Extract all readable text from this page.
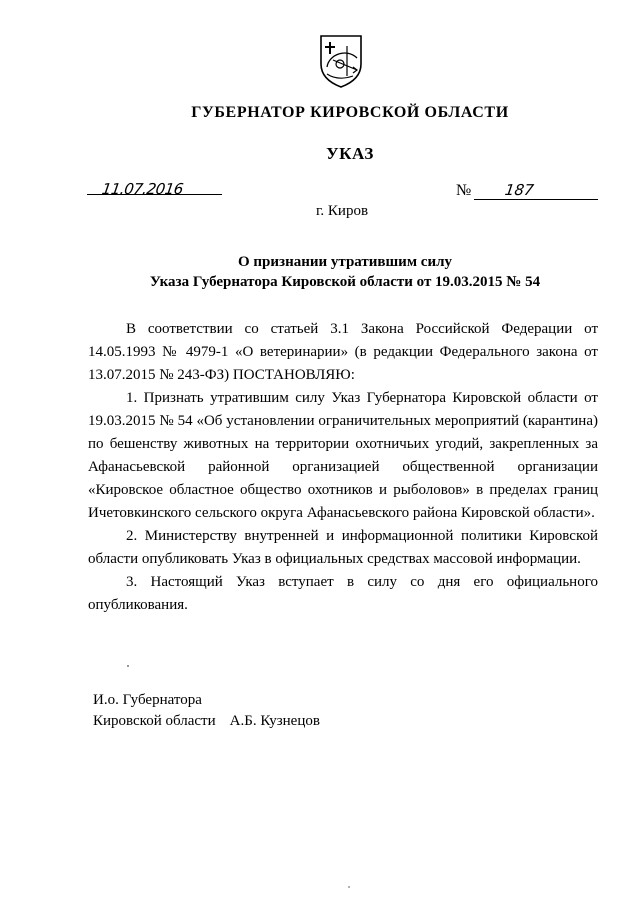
ГУБЕРНАТОР КИРОВСКОЙ ОБЛАСТИ
УКАЗ
11.07.2016	№ 187
г. Киров
О признании утратившим силу
Указа Губернатора Кировской области от 19.03.2015 № 54

В соответствии со статьей 3.1 Закона Российской Федерации от 14.05.1993 № 4979-1 «О ветеринарии» (в редакции Федерального закона от 13.07.2015 № 243-ФЗ) ПОСТАНОВЛЯЮ:

1. Признать утратившим силу Указ Губернатора Кировской области от 19.03.2015 № 54 «Об установлении ограничительных мероприятий (карантина) по бешенству животных на территории охотничьих угодий, закрепленных за Афанасьевской районной организацией общественной организации «Кировское областное общество охотников и рыболовов» в пределах границ Ичетовкинского сельского округа Афанасьевского района Кировской области».

2. Министерству внутренней и информационной политики Кировской области опубликовать Указ в официальных средствах массовой информации.

3. Настоящий Указ вступает в силу со дня его официального опубликования.

И.о. Губернатора
Кировской области А.Б. Кузнецов
